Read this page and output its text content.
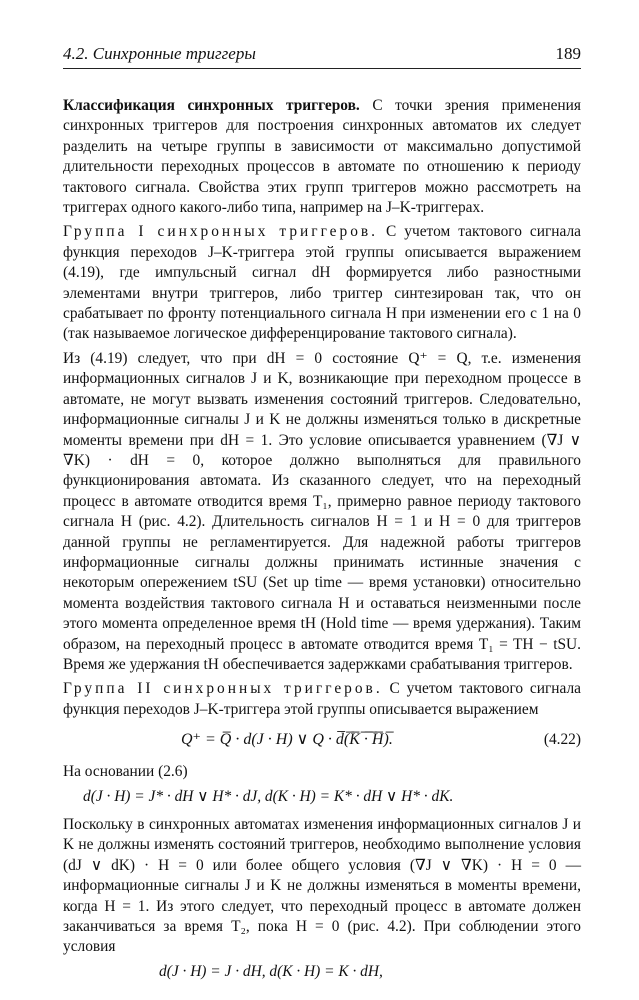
4.2. Синхронные триггеры	189

Классификация синхронных триггеров. С точки зрения применения синхронных триггеров для построения синхронных автоматов их следует разделить на четыре группы в зависимости от максимально допустимой длительности переходных процессов в автомате по отношению к периоду тактового сигнала. Свойства этих групп триггеров можно рассмотреть на триггерах одного какого-либо типа, например на J–K-триггерах.

Группа I синхронных триггеров. С учетом тактового сигнала функция переходов J–K-триггера этой группы описывается выражением (4.19), где импульсный сигнал dH формируется либо разностными элементами внутри триггеров, либо триггер синтезирован так, что он срабатывает по фронту потенциального сигнала H при изменении его с 1 на 0 (так называемое логическое дифференцирование тактового сигнала).

Из (4.19) следует, что при dH = 0 состояние Q⁺ = Q, т.е. изменения информационных сигналов J и K, возникающие при переходном процессе в автомате, не могут вызвать изменения состояний триггеров. Следовательно, информационные сигналы J и K не должны изменяться только в дискретные моменты времени при dH = 1. Это условие описывается уравнением (∇J ∨ ∇K) · dH = 0, которое должно выполняться для правильного функционирования автомата. Из сказанного следует, что на переходный процесс в автомате отводится время T₁, примерно равное периоду тактового сигнала H (рис. 4.2). Длительность сигналов H = 1 и H = 0 для триггеров данной группы не регламентируется. Для надежной работы триггеров информационные сигналы должны принимать истинные значения с некоторым опережением tSU (Set up time — время установки) относительно момента воздействия тактового сигнала H и оставаться неизменными после этого момента определенное время tH (Hold time — время удержания). Таким образом, на переходный процесс в автомате отводится время T₁ = TH − tSU. Время же удержания tH обеспечивается задержками срабатывания триггеров.

Группа II синхронных триггеров. С учетом тактового сигнала функция переходов J–K-триггера этой группы описывается выражением

Q⁺ = Q̅ · d(J · H) ∨ Q · d̅(̅K̅ ̅·̅ ̅H̅)̅.	(4.22)

На основании (2.6)

d(J · H) = J* · dH ∨ H* · dJ, d(K · H) = K* · dH ∨ H* · dK.

Поскольку в синхронных автоматах изменения информационных сигналов J и K не должны изменять состояний триггеров, необходимо выполнение условия (dJ ∨ dK) · H = 0 или более общего условия (∇J ∨ ∇K) · H = 0 — информационные сигналы J и K не должны изменяться в моменты времени, когда H = 1. Из этого следует, что переходный процесс в автомате должен заканчиваться за время T₂, пока H = 0 (рис. 4.2). При соблюдении этого условия

d(J · H) = J · dH, d(K · H) = K · dH,
